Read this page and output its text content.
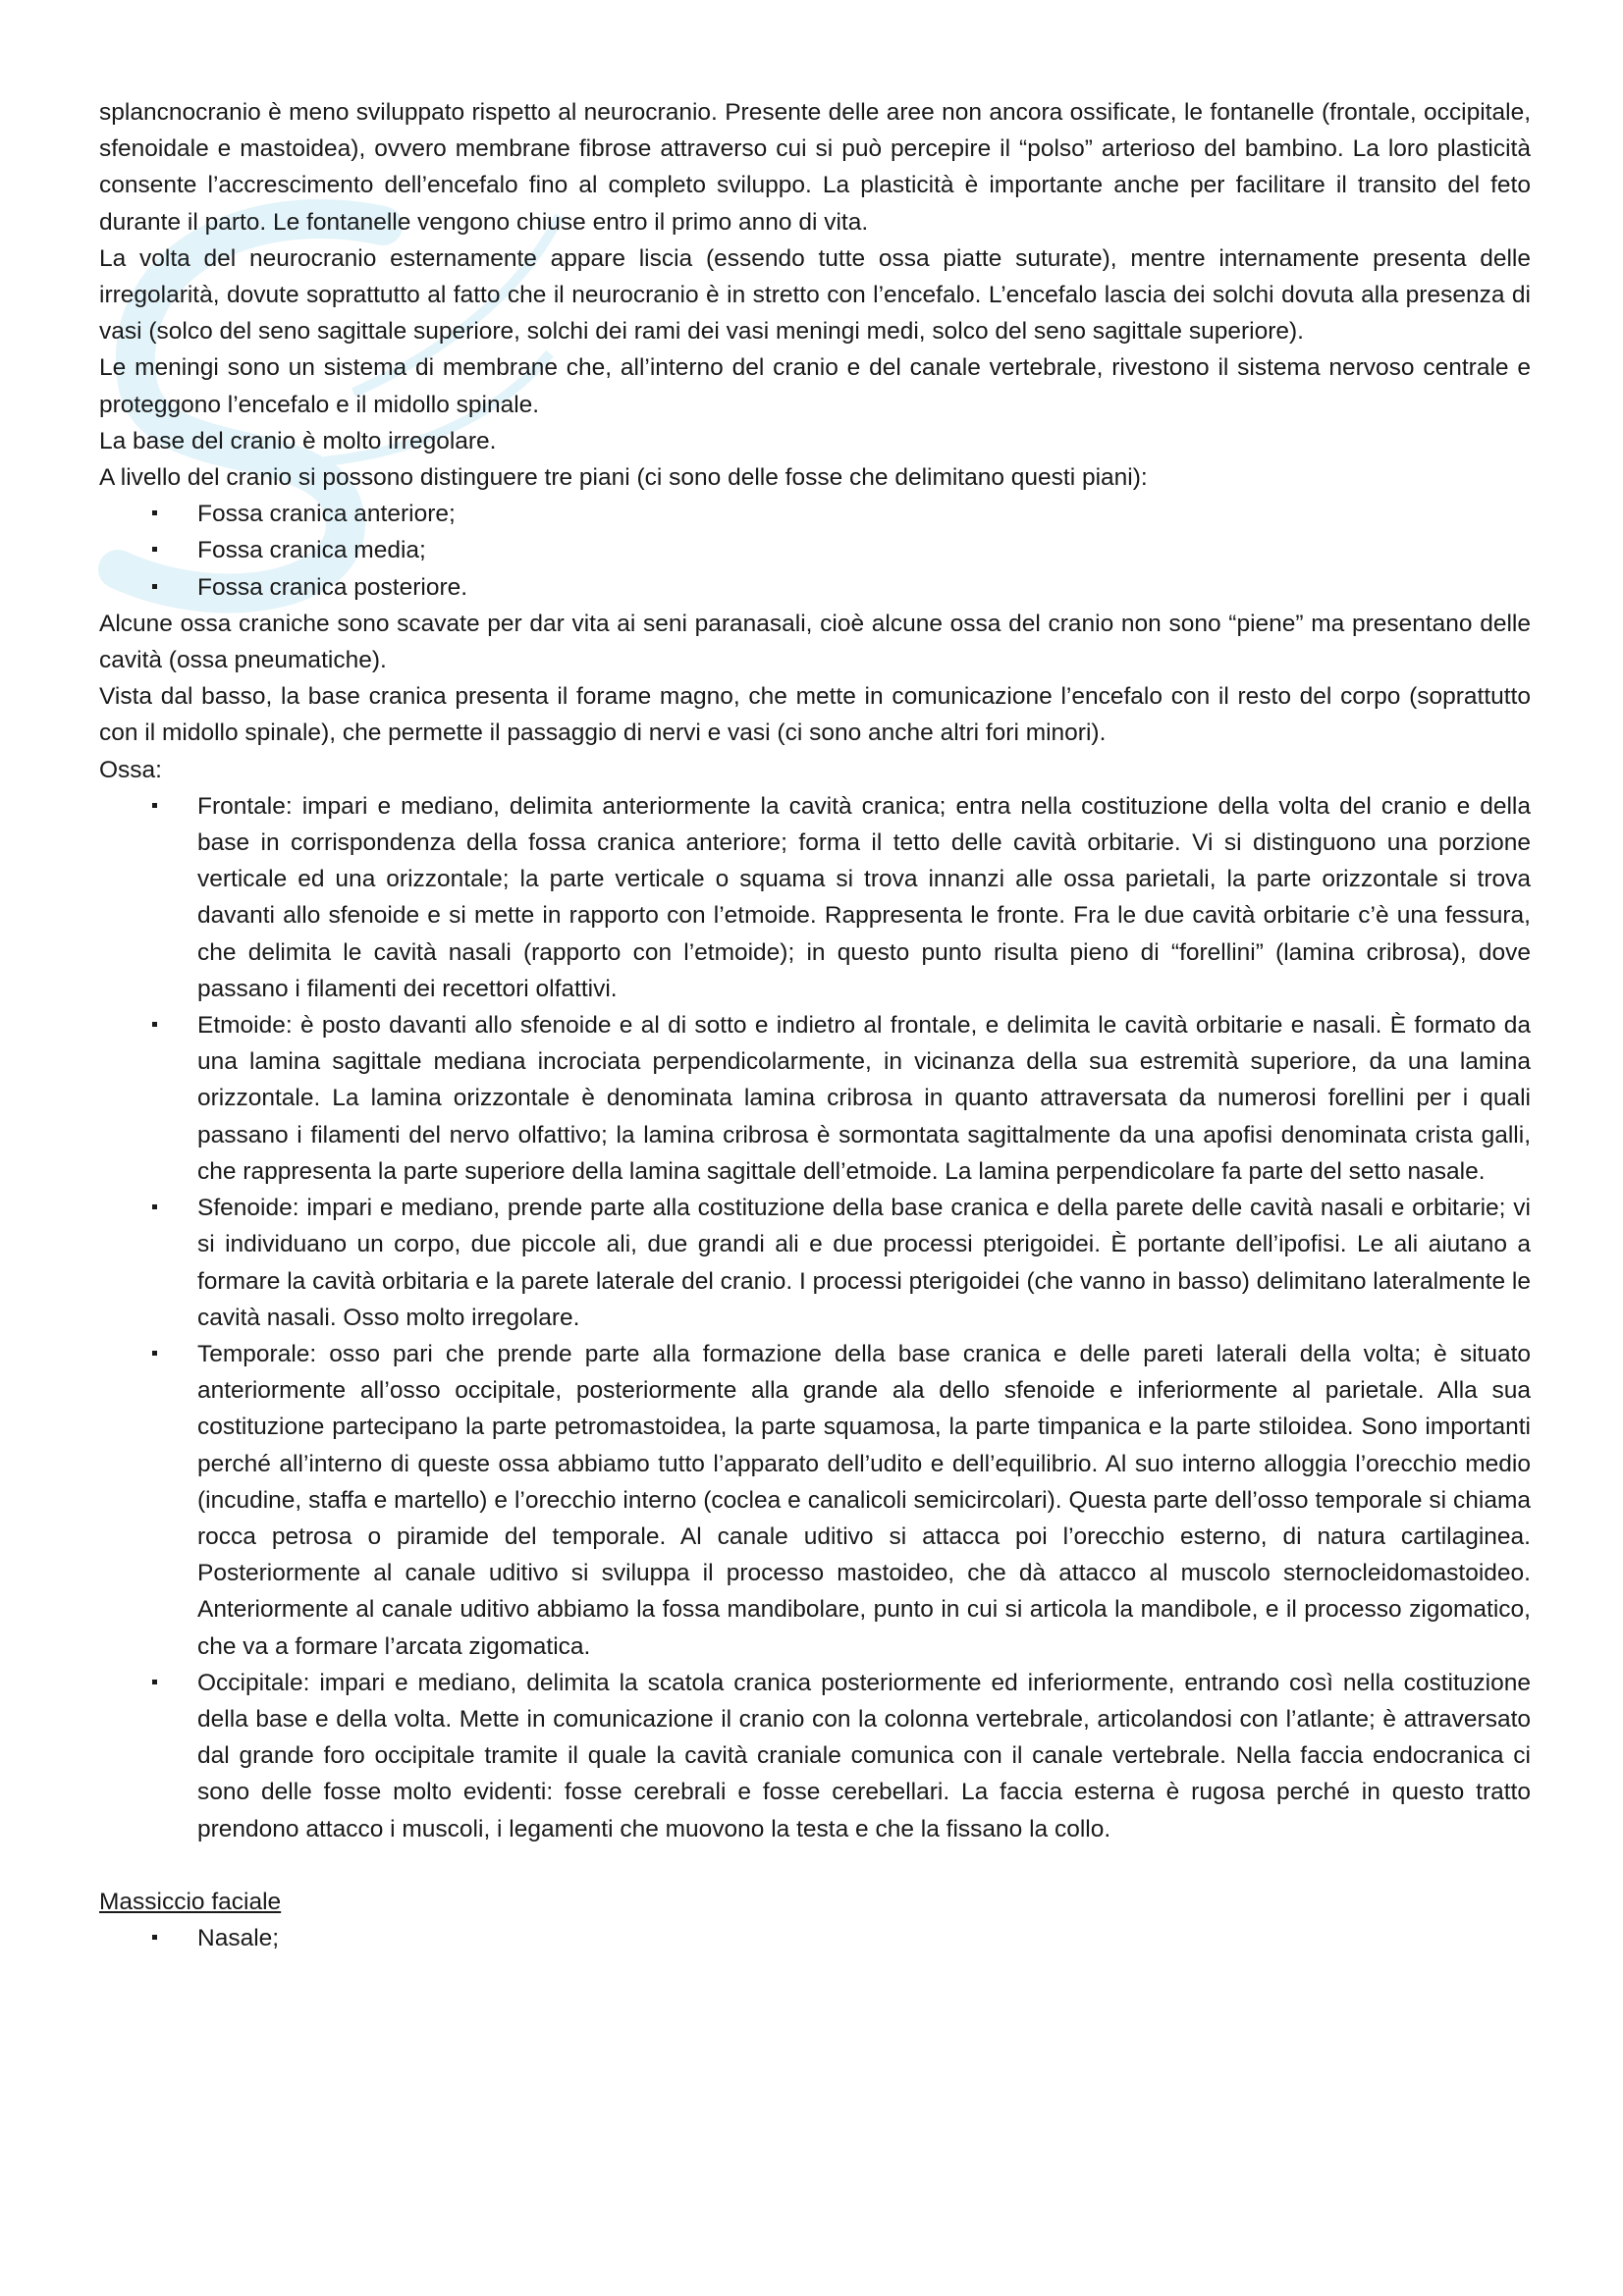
splancnocranio è meno sviluppato rispetto al neurocranio. Presente delle aree non ancora ossificate, le fontanelle (frontale, occipitale, sfenoidale e mastoidea), ovvero membrane fibrose attraverso cui si può percepire il “polso” arterioso del bambino. La loro plasticità consente l’accrescimento dell’encefalo fino al completo sviluppo. La plasticità è importante anche per facilitare il transito del feto durante il parto. Le fontanelle vengono chiuse entro il primo anno di vita.

La volta del neurocranio esternamente appare liscia (essendo tutte ossa piatte suturate), mentre internamente presenta delle irregolarità, dovute soprattutto al fatto che il neurocranio è in stretto con l’encefalo. L’encefalo lascia dei solchi dovuta alla presenza di vasi (solco del seno sagittale superiore, solchi dei rami dei vasi meningi medi, solco del seno sagittale superiore).

Le meningi sono un sistema di membrane che, all’interno del cranio e del canale vertebrale, rivestono il sistema nervoso centrale e proteggono l’encefalo e il midollo spinale.

La base del cranio è molto irregolare.

A livello del cranio si possono distinguere tre piani (ci sono delle fosse che delimitano questi piani):

Fossa cranica anteriore;
Fossa cranica media;
Fossa cranica posteriore.

Alcune ossa craniche sono scavate per dar vita ai seni paranasali, cioè alcune ossa del cranio non sono “piene” ma presentano delle cavità (ossa pneumatiche).

Vista dal basso, la base cranica presenta il forame magno, che mette in comunicazione l’encefalo con il resto del corpo (soprattutto con il midollo spinale), che permette il passaggio di nervi e vasi (ci sono anche altri fori minori).

Ossa:

Frontale: impari e mediano, delimita anteriormente la cavità cranica; entra nella costituzione della volta del cranio e della base in corrispondenza della fossa cranica anteriore; forma il tetto delle cavità orbitarie. Vi si distinguono una porzione verticale ed una orizzontale; la parte verticale o squama si trova innanzi alle ossa parietali, la parte orizzontale si trova davanti allo sfenoide e si mette in rapporto con l’etmoide. Rappresenta le fronte. Fra le due cavità orbitarie c’è una fessura, che delimita le cavità nasali (rapporto con l’etmoide); in questo punto risulta pieno di “forellini” (lamina cribrosa), dove passano i filamenti dei recettori olfattivi.
Etmoide: è posto davanti allo sfenoide e al di sotto e indietro al frontale, e delimita le cavità orbitarie e nasali. È formato da una lamina sagittale mediana incrociata perpendicolarmente, in vicinanza della sua estremità superiore, da una lamina orizzontale. La lamina orizzontale è denominata lamina cribrosa in quanto attraversata da numerosi forellini per i quali passano i filamenti del nervo olfattivo; la lamina cribrosa è sormontata sagittalmente da una apofisi denominata crista galli, che rappresenta la parte superiore della lamina sagittale dell’etmoide. La lamina perpendicolare fa parte del setto nasale.
Sfenoide: impari e mediano, prende parte alla costituzione della base cranica e della parete delle cavità nasali e orbitarie; vi si individuano un corpo, due piccole ali, due grandi ali e due processi pterigoidei. È portante dell’ipofisi. Le ali aiutano a formare la cavità orbitaria e la parete laterale del cranio. I processi pterigoidei (che vanno in basso) delimitano lateralmente le cavità nasali. Osso molto irregolare.
Temporale: osso pari che prende parte alla formazione della base cranica e delle pareti laterali della volta; è situato anteriormente all’osso occipitale, posteriormente alla grande ala dello sfenoide e inferiormente al parietale. Alla sua costituzione partecipano la parte petromastoidea, la parte squamosa, la parte timpanica e la parte stiloidea. Sono importanti perché all’interno di queste ossa abbiamo tutto l’apparato dell’udito e dell’equilibrio. Al suo interno alloggia l’orecchio medio (incudine, staffa e martello) e l’orecchio interno (coclea e canalicoli semicircolari). Questa parte dell’osso temporale si chiama rocca petrosa o piramide del temporale. Al canale uditivo si attacca poi l’orecchio esterno, di natura cartilaginea. Posteriormente al canale uditivo si sviluppa il processo mastoideo, che dà attacco al muscolo sternocleidomastoideo. Anteriormente al canale uditivo abbiamo la fossa mandibolare, punto in cui si articola la mandibole, e il processo zigomatico, che va a formare l’arcata zigomatica.
Occipitale: impari e mediano, delimita la scatola cranica posteriormente ed inferiormente, entrando così nella costituzione della base e della volta. Mette in comunicazione il cranio con la colonna vertebrale, articolandosi con l’atlante; è attraversato dal grande foro occipitale tramite il quale la cavità craniale comunica con il canale vertebrale. Nella faccia endocranica ci sono delle fosse molto evidenti: fosse cerebrali e fosse cerebellari. La faccia esterna è rugosa perché in questo tratto prendono attacco i muscoli, i legamenti che muovono la testa e che la fissano la collo.

Massiccio faciale

Nasale;
